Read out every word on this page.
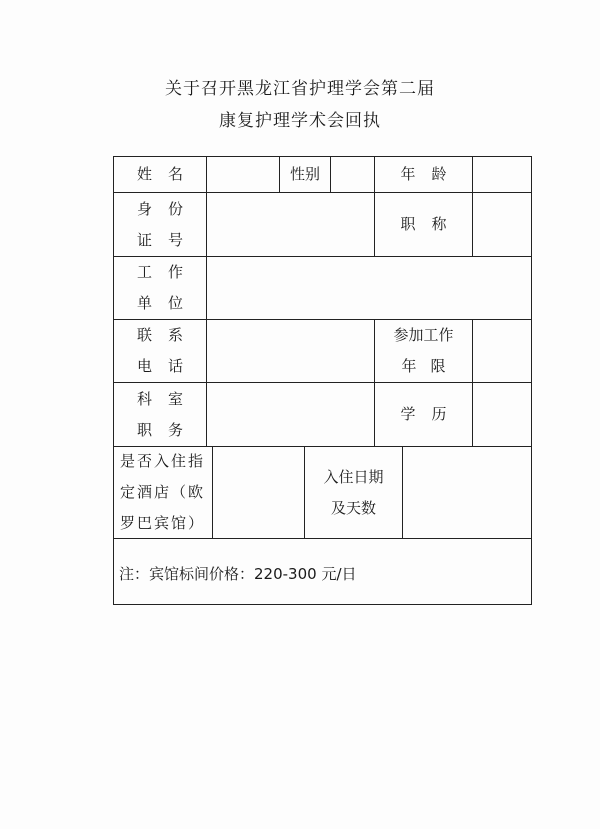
关于召开黑龙江省护理学会第二届
康复护理学术会回执
姓名	性别	年龄
身份
证号
职称
工作
单位
联系
电话
参加工作
年限
科室
职务
学历
是否入住指
定酒店（欧
罗巴宾馆）
入住日期
及天数
注：宾馆标间价格：220-300 元/日
